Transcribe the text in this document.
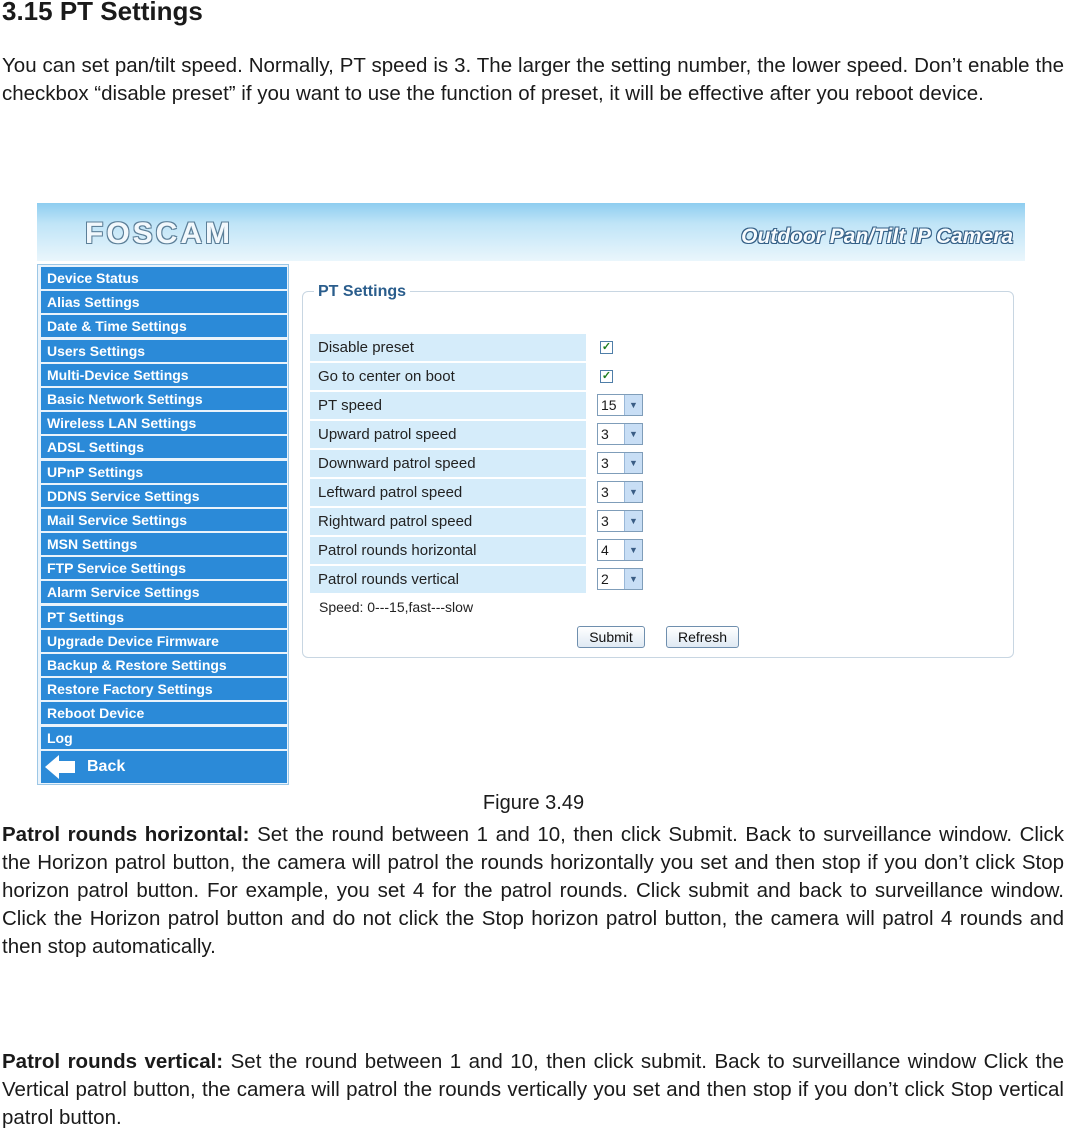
3.15 PT Settings

You can set pan/tilt speed. Normally, PT speed is 3. The larger the setting number, the lower speed. Don’t enable the checkbox “disable preset” if you want to use the function of preset, it will be effective after you reboot device.

FOSCAM	Outdoor Pan/Tilt IP Camera
Device Status
Alias Settings
Date & Time Settings
Users Settings
Multi-Device Settings
Basic Network Settings
Wireless LAN Settings
ADSL Settings
UPnP Settings
DDNS Service Settings
Mail Service Settings
MSN Settings
FTP Service Settings
Alarm Service Settings
PT Settings
Upgrade Device Firmware
Backup & Restore Settings
Restore Factory Settings
Reboot Device
Log
Back
PT Settings
Disable preset	✓
Go to center on boot	✓
PT speed	15	▼
Upward patrol speed	3	▼
Downward patrol speed	3	▼
Leftward patrol speed	3	▼
Rightward patrol speed	3	▼
Patrol rounds horizontal	4	▼
Patrol rounds vertical	2	▼
Speed: 0---15,fast---slow
Submit	Refresh
Figure 3.49

Patrol rounds horizontal: Set the round between 1 and 10, then click Submit. Back to surveillance window. Click the Horizon patrol button, the camera will patrol the rounds horizontally you set and then stop if you don’t click Stop horizon patrol button. For example, you set 4 for the patrol rounds. Click submit and back to surveillance window. Click the Horizon patrol button and do not click the Stop horizon patrol button, the camera will patrol 4 rounds and then stop automatically.

Patrol rounds vertical: Set the round between 1 and 10, then click submit. Back to surveillance window Click the Vertical patrol button, the camera will patrol the rounds vertically you set and then stop if you don’t click Stop vertical patrol button.
